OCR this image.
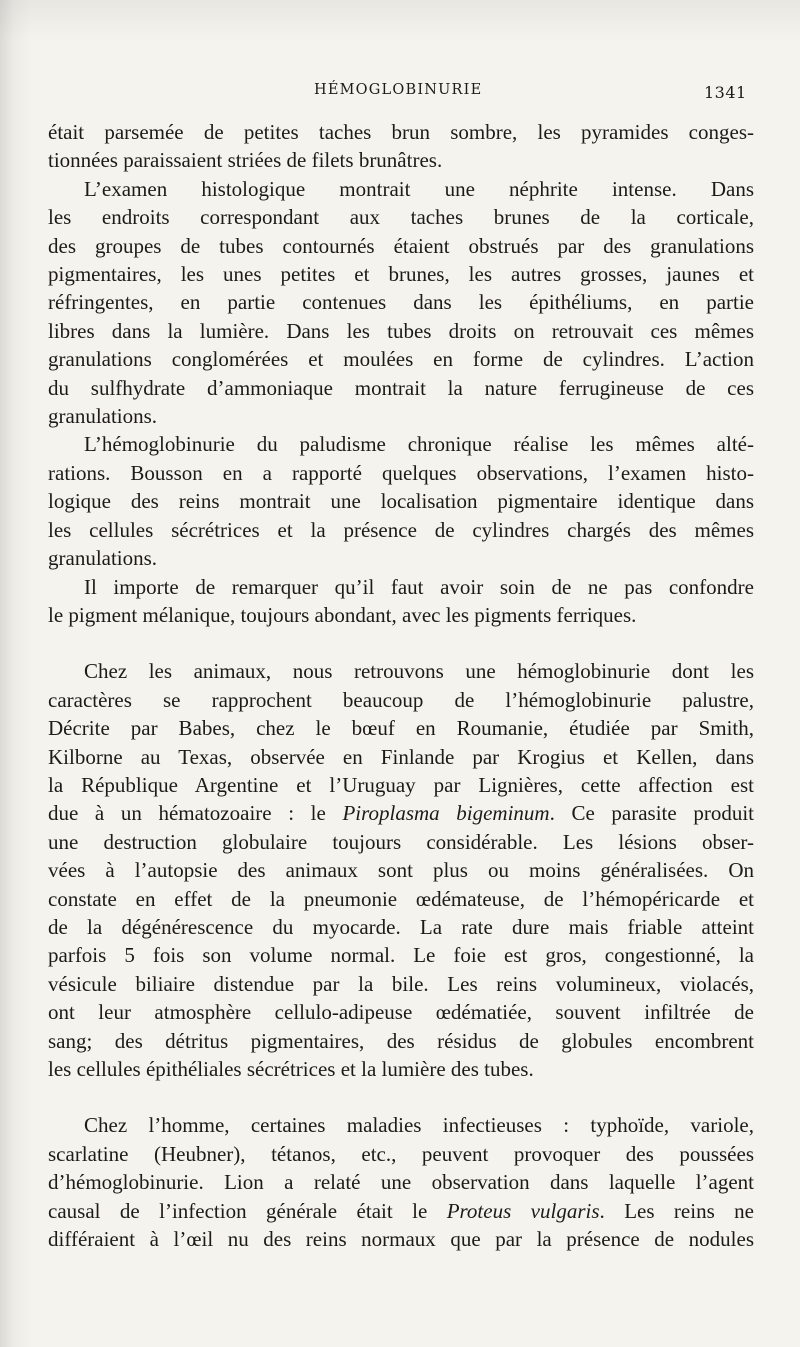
HÉMOGLOBINURIE	1341

était parsemée de petites taches brun sombre, les pyramides conges-
tionnées paraissaient striées de filets brunâtres.

L’examen histologique montrait une néphrite intense. Dans
les endroits correspondant aux taches brunes de la corticale,
des groupes de tubes contournés étaient obstrués par des granulations
pigmentaires, les unes petites et brunes, les autres grosses, jaunes et
réfringentes, en partie contenues dans les épithéliums, en partie
libres dans la lumière. Dans les tubes droits on retrouvait ces mêmes
granulations conglomérées et moulées en forme de cylindres. L’action
du sulfhydrate d’ammoniaque montrait la nature ferrugineuse de ces
granulations.

L’hémoglobinurie du paludisme chronique réalise les mêmes alté-
rations. Bousson en a rapporté quelques observations, l’examen histo-
logique des reins montrait une localisation pigmentaire identique dans
les cellules sécrétrices et la présence de cylindres chargés des mêmes
granulations.

Il importe de remarquer qu’il faut avoir soin de ne pas confondre
le pigment mélanique, toujours abondant, avec les pigments ferriques.

Chez les animaux, nous retrouvons une hémoglobinurie dont les
caractères se rapprochent beaucoup de l’hémoglobinurie palustre,
Décrite par Babes, chez le bœuf en Roumanie, étudiée par Smith,
Kilborne au Texas, observée en Finlande par Krogius et Kellen, dans
la République Argentine et l’Uruguay par Lignières, cette affection est
due à un hématozoaire : le Piroplasma bigeminum. Ce parasite produit
une destruction globulaire toujours considérable. Les lésions obser-
vées à l’autopsie des animaux sont plus ou moins généralisées. On
constate en effet de la pneumonie œdémateuse, de l’hémopéricarde et
de la dégénérescence du myocarde. La rate dure mais friable atteint
parfois 5 fois son volume normal. Le foie est gros, congestionné, la
vésicule biliaire distendue par la bile. Les reins volumineux, violacés,
ont leur atmosphère cellulo-adipeuse œdématiée, souvent infiltrée de
sang; des détritus pigmentaires, des résidus de globules encombrent
les cellules épithéliales sécrétrices et la lumière des tubes.

Chez l’homme, certaines maladies infectieuses : typhoïde, variole,
scarlatine (Heubner), tétanos, etc., peuvent provoquer des poussées
d’hémoglobinurie. Lion a relaté une observation dans laquelle l’agent
causal de l’infection générale était le Proteus vulgaris. Les reins ne
différaient à l’œil nu des reins normaux que par la présence de nodules
